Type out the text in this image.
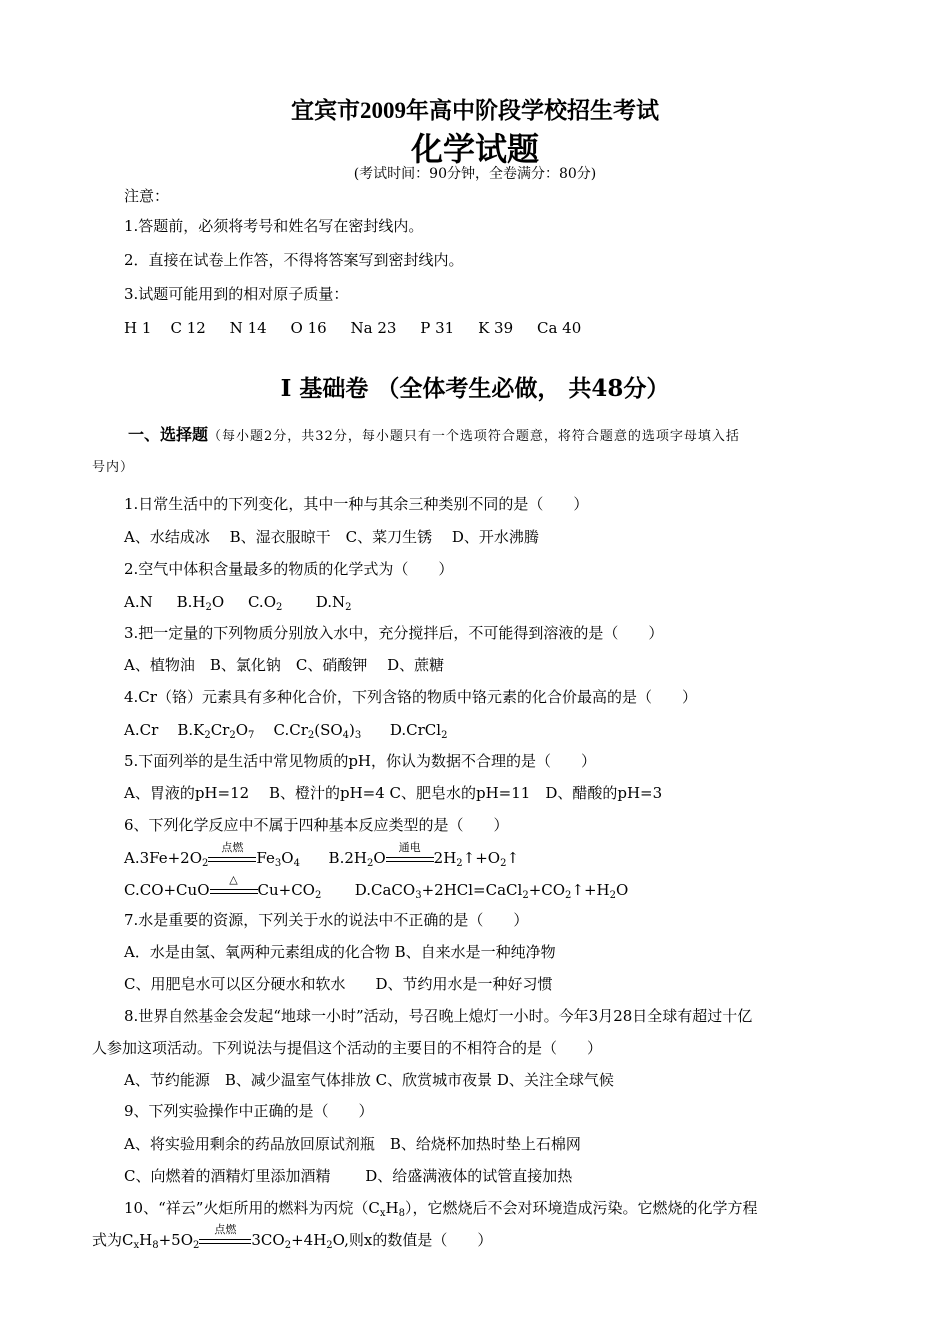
宜宾市2009年高中阶段学校招生考试
化学试题
(考试时间：90分钟，全卷满分：80分)
注意：
1.答题前，必须将考号和姓名写在密封线内。
2．直接在试卷上作答，不得将答案写到密封线内。
3.试题可能用到的相对原子质量：
H 1 C 12 N 14 O 16 Na 23 P 31 K 39 Ca 40
Ⅰ 基础卷 （全体考生必做， 共48分）
一、选择题（每小题2分，共32分，每小题只有一个选项符合题意，将符合题意的选项字母填入括
号内）
1.日常生活中的下列变化，其中一种与其余三种类别不同的是（　　）
A、水结成冰　 B、湿衣服晾干　C、菜刀生锈　 D、开水沸腾
2.空气中体积含量最多的物质的化学式为（　　）
A.N $B.H_2O$ $C.O_2$ $D.N_2$
3.把一定量的下列物质分别放入水中，充分搅拌后，不可能得到溶液的是（　　）
A、植物油　B、氯化钠　C、硝酸钾　 D、蔗糖
4.Cr（铬）元素具有多种化合价，下列含铬的物质中铬元素的化合价最高的是（　　）
A.Cr $B.K_2Cr_2O_7$ $C.Cr_2(SO_4)_3$ D.CrCl$_2$
5.下面列举的是生活中常见物质的pH，你认为数据不合理的是（　　）
A、胃液的pH=12　 B、橙汁的pH=4 C、肥皂水的pH=11　D、醋酸的pH=3
6、下列化学反应中不属于四种基本反应类型的是（　　）
$A.3Fe+2O_2$
点燃
$Fe_3O_4$ $B.2H_2O$
通电
$2H_2↑+O_2↑$
C.CO+CuO
△
$Cu+CO_2$ $D.CaCO_3+2HCl=CaCl_2+CO_2↑+H_2O$
7.水是重要的资源，下列关于水的说法中不正确的是（　　）
A．水是由氢、氧两种元素组成的化合物 B、自来水是一种纯净物
C、用肥皂水可以区分硬水和软水　　D、节约用水是一种好习惯
8.世界自然基金会发起“地球一小时”活动，号召晚上熄灯一小时。今年3月28日全球有超过十亿
人参加这项活动。下列说法与提倡这个活动的主要目的不相符合的是（　　）
A、节约能源　B、减少温室气体排放 C、欣赏城市夜景 D、关注全球气候
9、下列实验操作中正确的是（　　）
A、将实验用剩余的药品放回原试剂瓶　B、给烧杯加热时垫上石棉网
C、向燃着的酒精灯里添加酒精　　 D、给盛满液体的试管直接加热
10、“祥云”火炬所用的燃料为丙烷$(C_xH_8)$，它燃烧后不会对环境造成污染。它燃烧的化学方程
式为$C_xH_8+5O_2$
点燃
$3CO_2+4H_2O$,则x的数值是（　　）
